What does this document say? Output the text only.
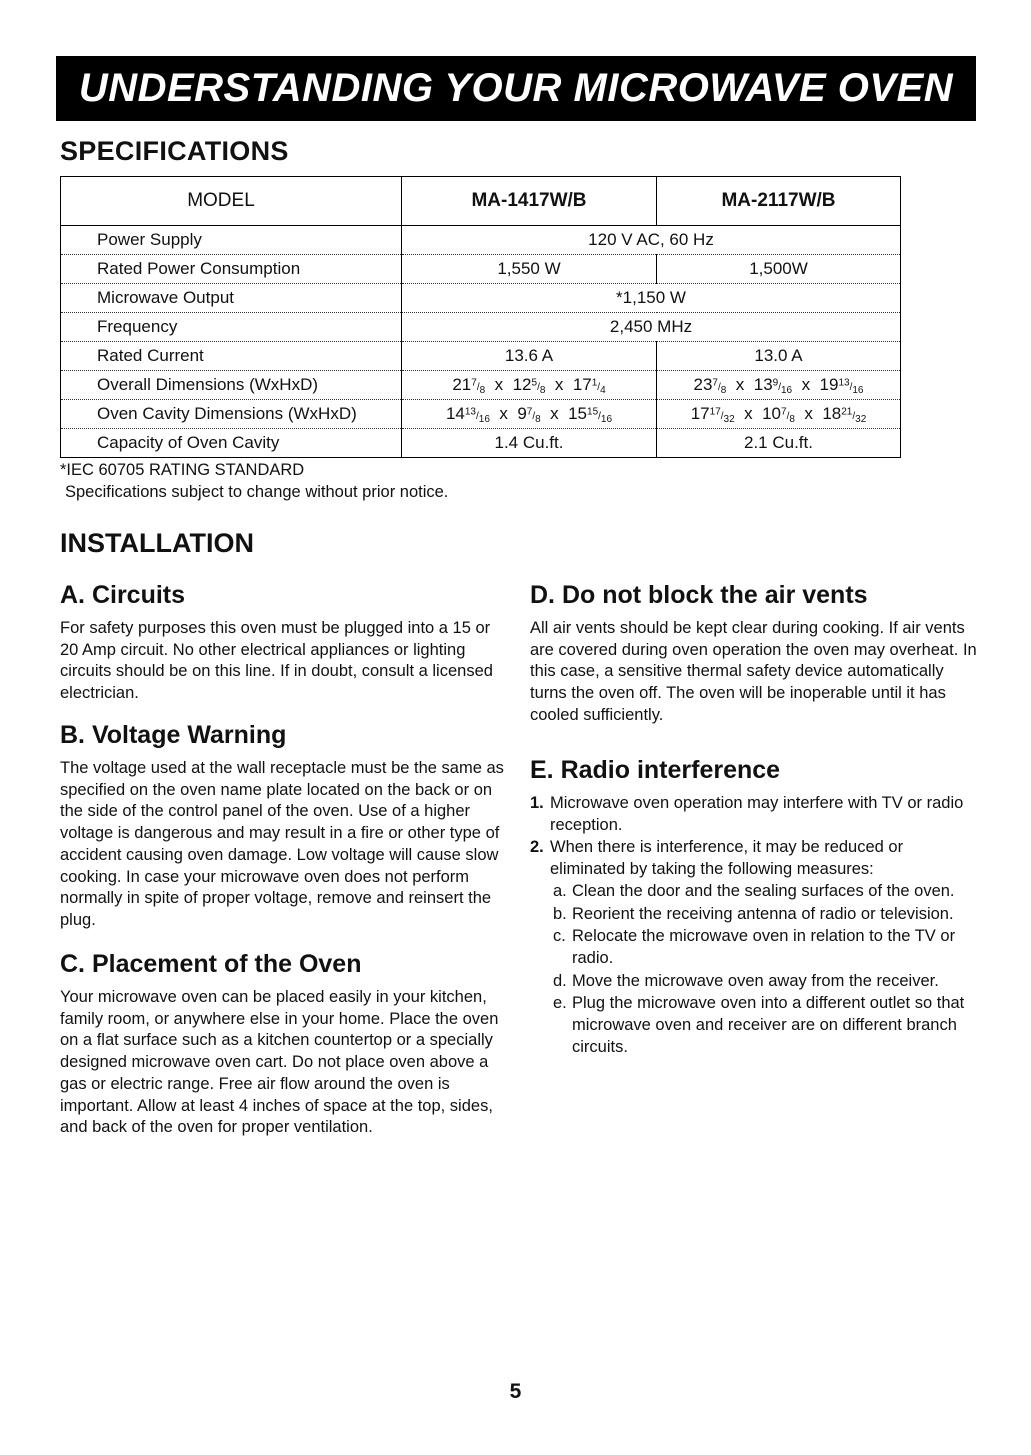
UNDERSTANDING YOUR MICROWAVE OVEN
SPECIFICATIONS
MODEL	MA-1417W/B	MA-2117W/B
Power Supply	120 V AC, 60 Hz	
Rated Power Consumption	1,550 W	1,500W
Microwave Output	*1,150 W	
Frequency	2,450 MHz	
Rated Current	13.6 A	13.0 A
Overall Dimensions (WxHxD)	$21^7/_8$  x  $12^5/_8$  x  $17^1/_4$	$23^7/_8$  x  $13^9/_{16}$  x  $19^{13}/_{16}$
Oven Cavity Dimensions (WxHxD)	$14^{13}/_{16}$  x  $9^7/_8$  x  $15^{15}/_{16}$	$17^{17}/_{32}$  x  $10^7/_8$  x  $18^{21}/_{32}$
Capacity of Oven Cavity	1.4 Cu.ft.	2.1 Cu.ft.
*IEC 60705 RATING STANDARD
Specifications subject to change without prior notice.
INSTALLATION
A. Circuits

For safety purposes this oven must be plugged into a 15 or 20 Amp circuit. No other electrical appliances or lighting circuits should be on this line. If in doubt, consult a licensed electrician.

B. Voltage Warning

The voltage used at the wall receptacle must be the same as specified on the oven name plate located on the back or on the side of the control panel of the oven. Use of a higher voltage is dangerous and may result in a fire or other type of accident causing oven damage. Low voltage will cause slow cooking. In case your microwave oven does not perform normally in spite of proper voltage, remove and reinsert the plug.

C. Placement of the Oven

Your microwave oven can be placed easily in your kitchen, family room, or anywhere else in your home. Place the oven on a flat surface such as a kitchen countertop or a specially designed microwave oven cart. Do not place oven above a gas or electric range. Free air flow around the oven is important. Allow at least 4 inches of space at the top, sides, and back of the oven for proper ventilation.

D. Do not block the air vents

All air vents should be kept clear during cooking. If air vents are covered during oven operation the oven may overheat. In this case, a sensitive thermal safety device automatically turns the oven off. The oven will be inoperable until it has cooled sufficiently.

E. Radio interference
1. Microwave oven operation may interfere with TV or radio reception.
2. When there is interference, it may be reduced or eliminated by taking the following measures:
a. Clean the door and the sealing surfaces of the oven.
b. Reorient the receiving antenna of radio or television.
c. Relocate the microwave oven in relation to the TV or radio.
d. Move the microwave oven away from the receiver.
e. Plug the microwave oven into a different outlet so that microwave oven and receiver are on different branch circuits.
5
